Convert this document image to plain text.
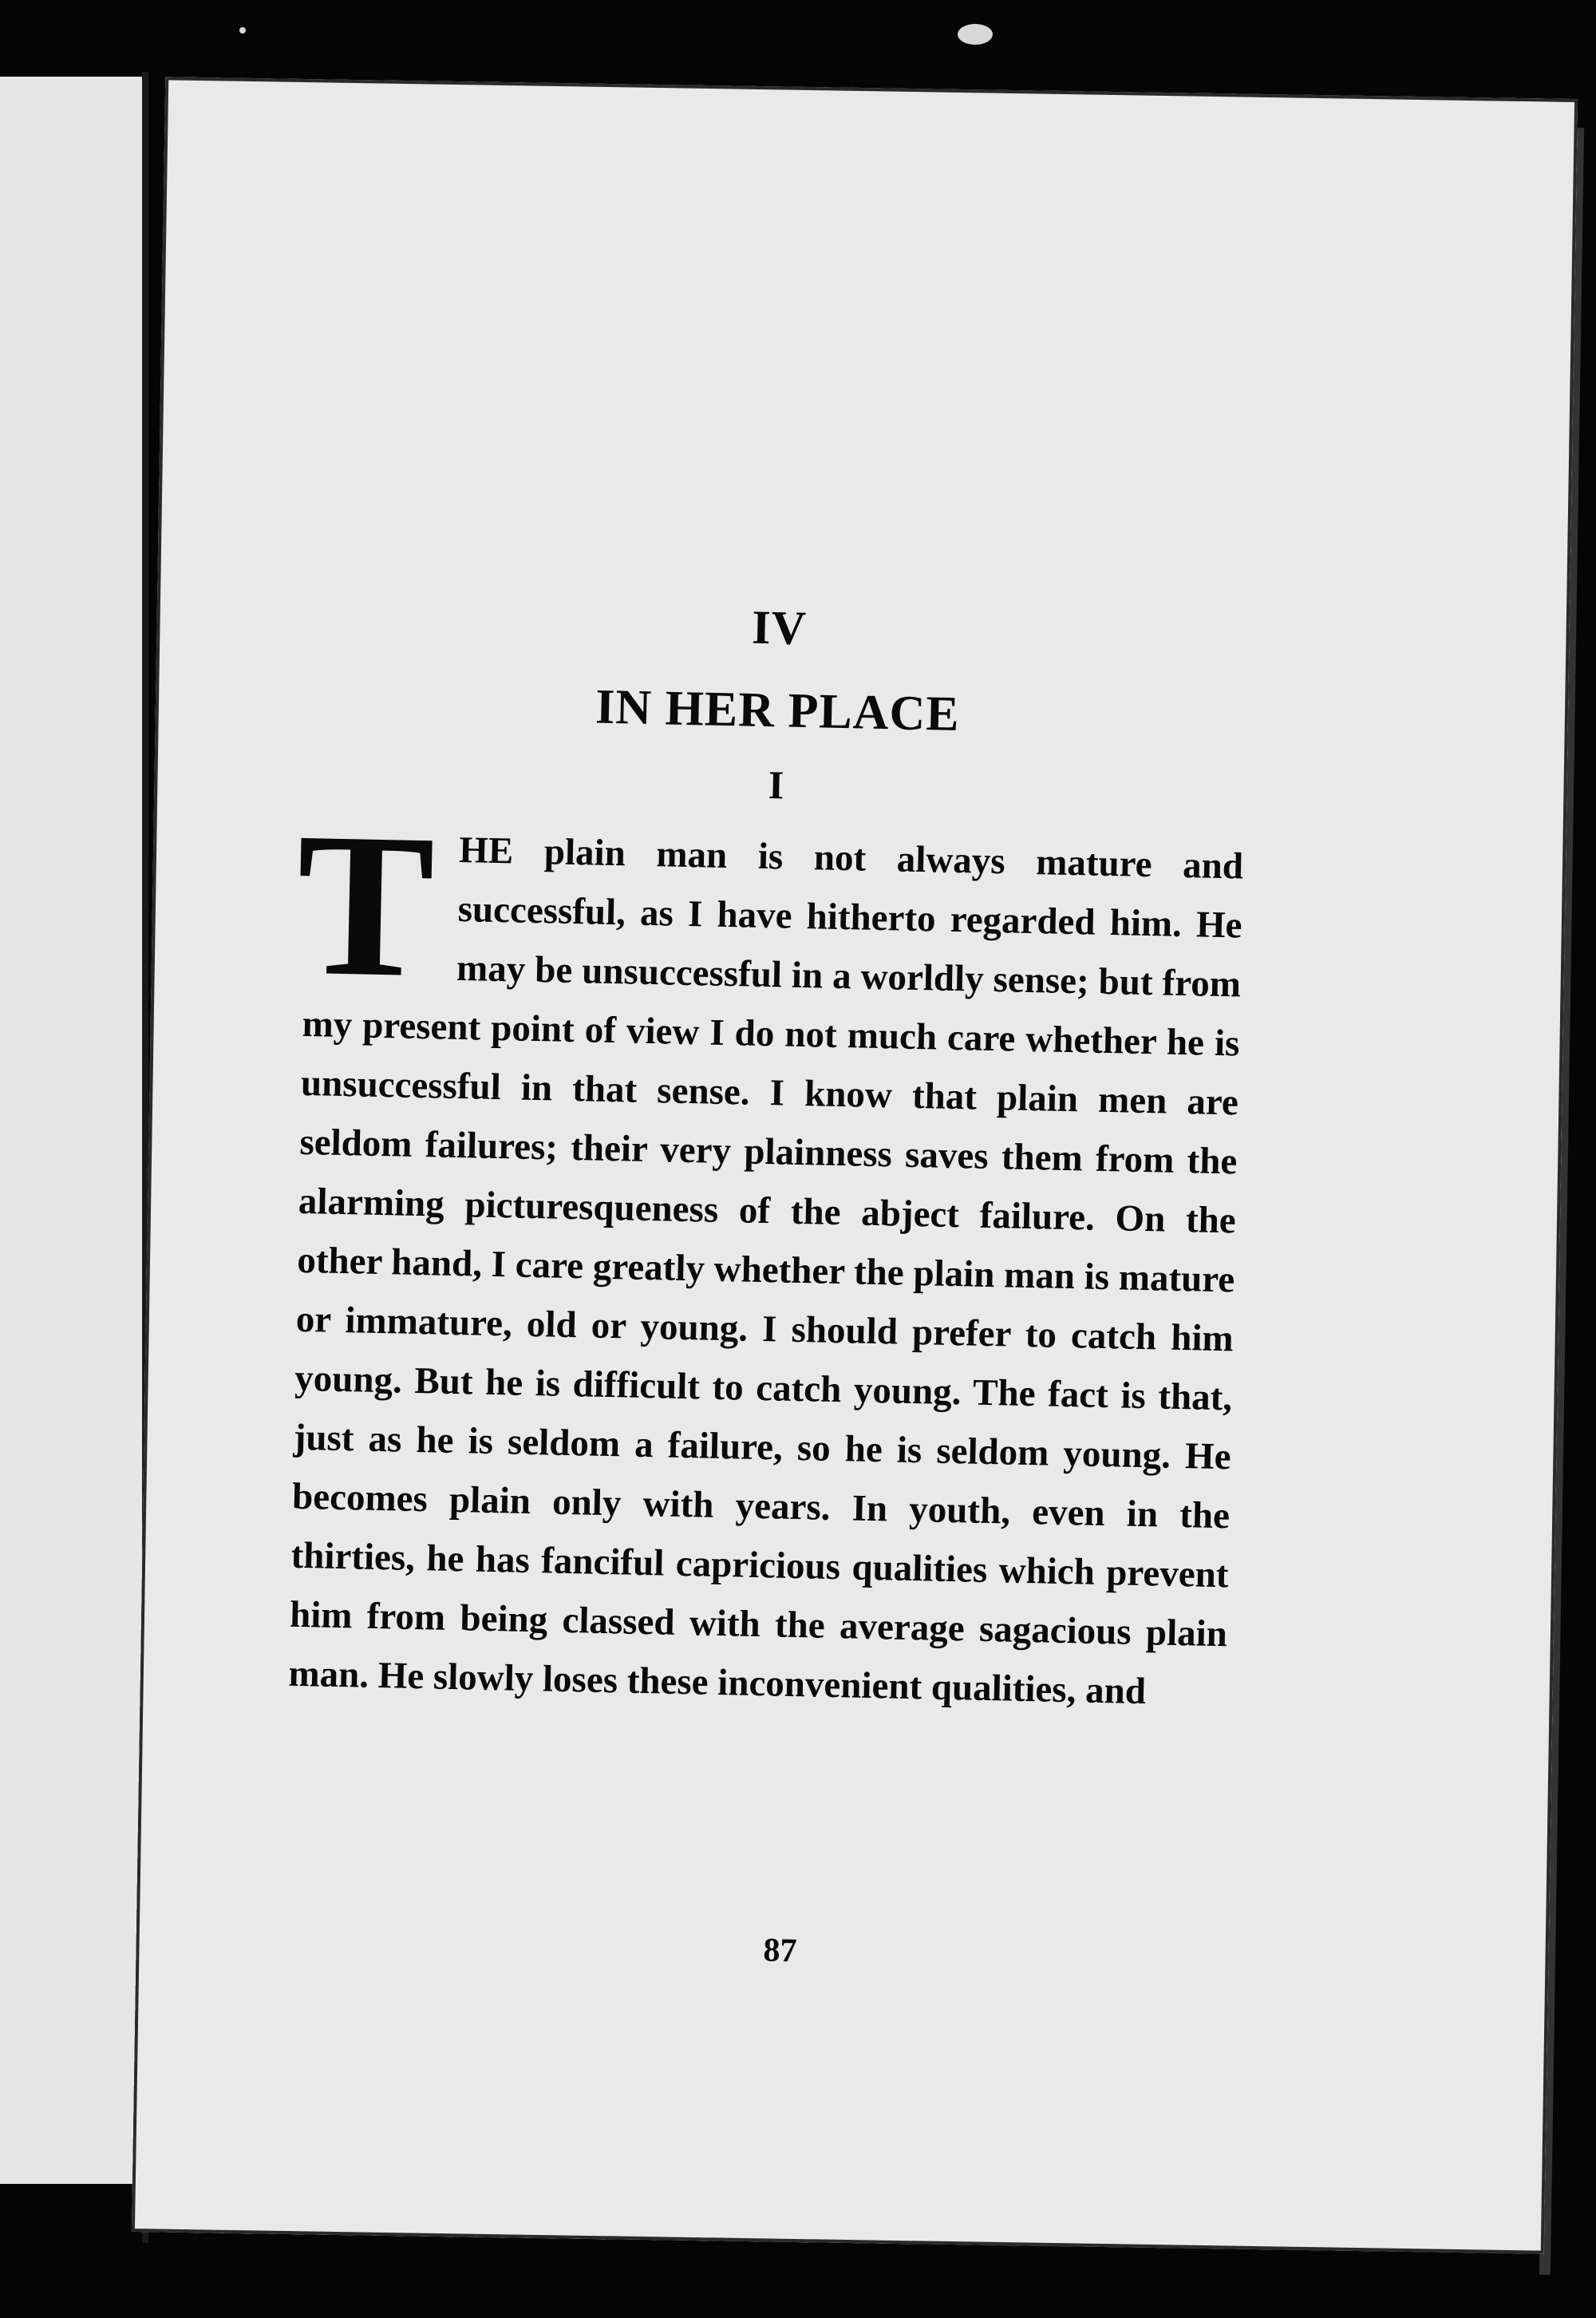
IV
IN HER PLACE
I

THE plain man is not always mature and successful, as I have hitherto regarded him. He may be unsuccessful in a worldly sense; but from my present point of view I do not much care whether he is unsuccessful in that sense. I know that plain men are seldom failures; their very plainness saves them from the alarming picturesqueness of the abject failure. On the other hand, I care greatly whether the plain man is mature or immature, old or young. I should prefer to catch him young. But he is difficult to catch young. The fact is that, just as he is seldom a failure, so he is seldom young. He becomes plain only with years. In youth, even in the thirties, he has fanciful capricious qualities which prevent him from being classed with the average sagacious plain man. He slowly loses these inconvenient qualities, and

87
